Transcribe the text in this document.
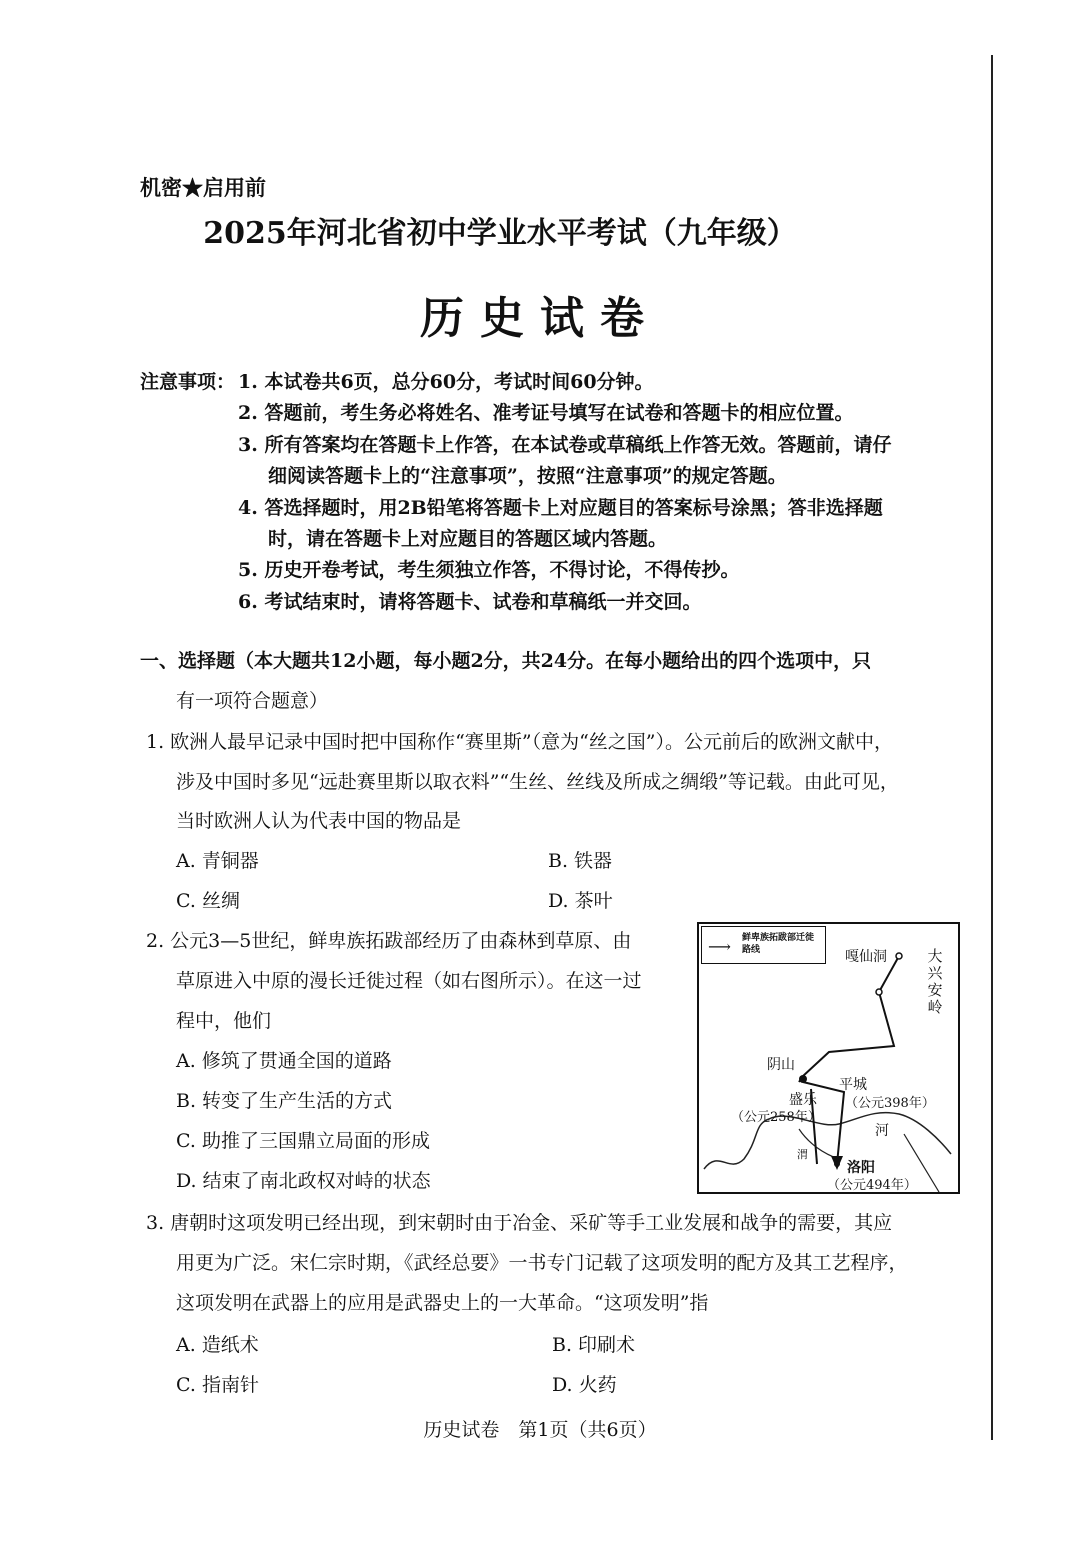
机密★启用前
2025年河北省初中学业水平考试（九年级）
历史试卷
注意事项： 1. 本试卷共6页，总分60分，考试时间60分钟。
2. 答题前，考生务必将姓名、准考证号填写在试卷和答题卡的相应位置。
3. 所有答案均在答题卡上作答，在本试卷或草稿纸上作答无效。答题前，请仔
细阅读答题卡上的“注意事项”，按照“注意事项”的规定答题。
4. 答选择题时，用2B铅笔将答题卡上对应题目的答案标号涂黑；答非选择题
时，请在答题卡上对应题目的答题区域内答题。
5. 历史开卷考试，考生须独立作答，不得讨论，不得传抄。
6. 考试结束时，请将答题卡、试卷和草稿纸一并交回。
一、选择题（本大题共12小题，每小题2分，共24分。在每小题给出的四个选项中，只
有一项符合题意）
1. 欧洲人最早记录中国时把中国称作“赛里斯”（意为“丝之国”）。公元前后的欧洲文献中，
涉及中国时多见“远赴赛里斯以取衣料”“生丝、丝线及所成之绸缎”等记载。由此可见，
当时欧洲人认为代表中国的物品是
A. 青铜器	B. 铁器
C. 丝绸	D. 茶叶
2. 公元3—5世纪，鲜卑族拓跋部经历了由森林到草原、由
草原进入中原的漫长迁徙过程（如右图所示）。在这一过
程中，他们
A. 修筑了贯通全国的道路
B. 转变了生产生活的方式
C. 助推了三国鼎立局面的形成
D. 结束了南北政权对峙的状态
⟶ 鲜卑族拓跋部迁徙路线	嘎仙洞	大兴安岭
阴山
平城
（公元398年）
盛乐
（公元258年）
河
渭
洛阳
（公元494年）
3. 唐朝时这项发明已经出现，到宋朝时由于冶金、采矿等手工业发展和战争的需要，其应
用更为广泛。宋仁宗时期，《武经总要》一书专门记载了这项发明的配方及其工艺程序，
这项发明在武器上的应用是武器史上的一大革命。“这项发明”指
A. 造纸术	B. 印刷术
C. 指南针	D. 火药
历史试卷　第1页（共6页）
